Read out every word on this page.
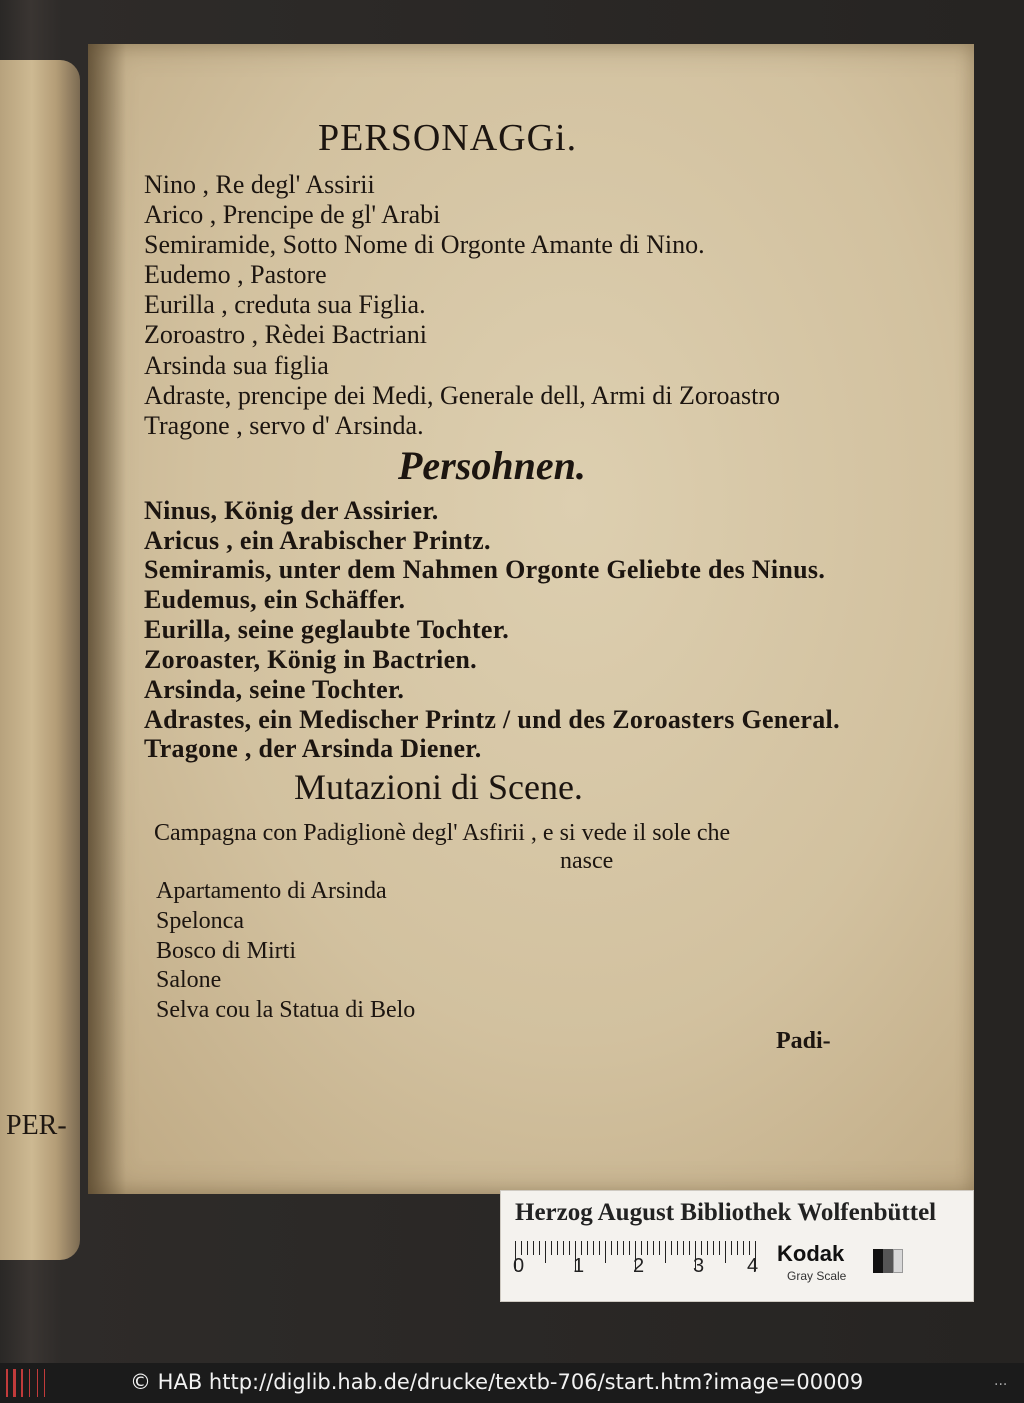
PER-
PERSONAGGi.
Nino , Re degl' Assirii
Arico , Prencipe de gl' Arabi
Semiramide, Sotto Nome di Orgonte Amante di Nino.
Eudemo , Pastore
Eurilla , creduta sua Figlia.
Zoroastro , Rèdei Bactriani
Arsinda sua figlia
Adraste, prencipe dei Medi, Generale dell, Armi di Zoroastro
Tragone , servo d' Arsinda.
Persohnen.
Ninus, König der Assirier.
Aricus , ein Arabischer Printz.
Semiramis, unter dem Nahmen Orgonte Geliebte des Ninus.
Eudemus, ein Schäffer.
Eurilla, seine geglaubte Tochter.
Zoroaster, König in Bactrien.
Arsinda, seine Tochter.
Adrastes, ein Medischer Printz / und des Zoroasters General.
Tragone , der Arsinda Diener.
Mutazioni di Scene.
Campagna con Padiglionè degl' Asfirii , e si vede il sole che
nasce
Apartamento di Arsinda
Spelonca
Bosco di Mirti
Salone
Selva cou la Statua di Belo
Padi-
Herzog August Bibliothek Wolfenbüttel
0 1 2 3 4 Kodak
Gray Scale
© HAB http://diglib.hab.de/drucke/textb-706/start.htm?image=00009	...
